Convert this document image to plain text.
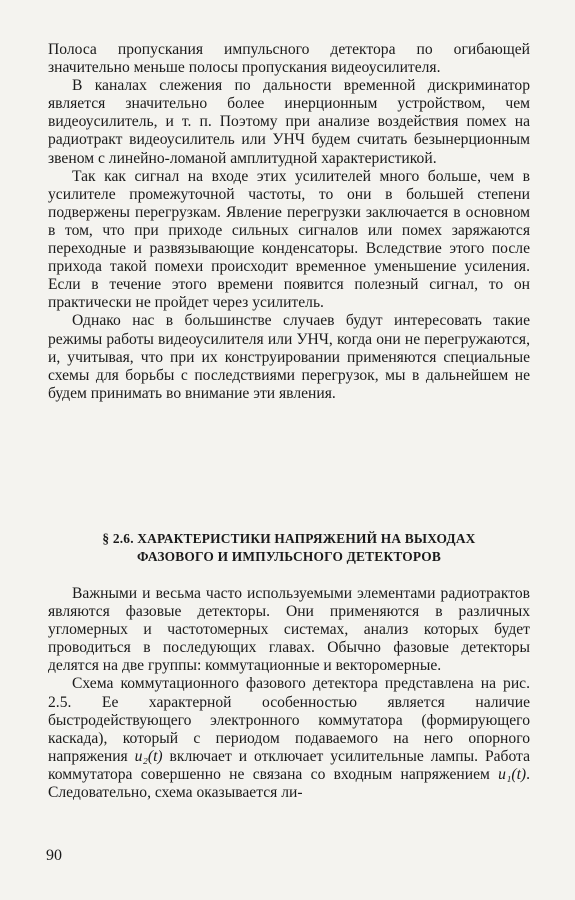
Полоса пропускания импульсного детектора по огибающей значительно меньше полосы пропускания видеоусилителя.

В каналах слежения по дальности временной дискриминатор является значительно более инерционным устройством, чем видеоусилитель, и т. п. Поэтому при анализе воздействия помех на радиотракт видеоусилитель или УНЧ будем считать безынерционным звеном с линейно-ломаной амплитудной характеристикой.

Так как сигнал на входе этих усилителей много больше, чем в усилителе промежуточной частоты, то они в большей степени подвержены перегрузкам. Явление перегрузки заключается в основном в том, что при приходе сильных сигналов или помех заряжаются переходные и развязывающие конденсаторы. Вследствие этого после прихода такой помехи происходит временное уменьшение усиления. Если в течение этого времени появится полезный сигнал, то он практически не пройдет через усилитель.

Однако нас в большинстве случаев будут интересовать такие режимы работы видеоусилителя или УНЧ, когда они не перегружаются, и, учитывая, что при их конструировании применяются специальные схемы для борьбы с последствиями перегрузок, мы в дальнейшем не будем принимать во внимание эти явления.

§ 2.6. ХАРАКТЕРИСТИКИ НАПРЯЖЕНИЙ НА ВЫХОДАХ
ФАЗОВОГО И ИМПУЛЬСНОГО ДЕТЕКТОРОВ

Важными и весьма часто используемыми элементами радиотрактов являются фазовые детекторы. Они применяются в различных угломерных и частотомерных системах, анализ которых будет проводиться в последующих главах. Обычно фазовые детекторы делятся на две группы: коммутационные и векторомерные.

Схема коммутационного фазового детектора представлена на рис. 2.5. Ее характерной особенностью является наличие быстродействующего электронного коммутатора (формирующего каскада), который с периодом подаваемого на него опорного напряжения u₂(t) включает и отключает усилительные лампы. Работа коммутатора совершенно не связана со входным напряжением u₁(t). Следовательно, схема оказывается ли-

90
